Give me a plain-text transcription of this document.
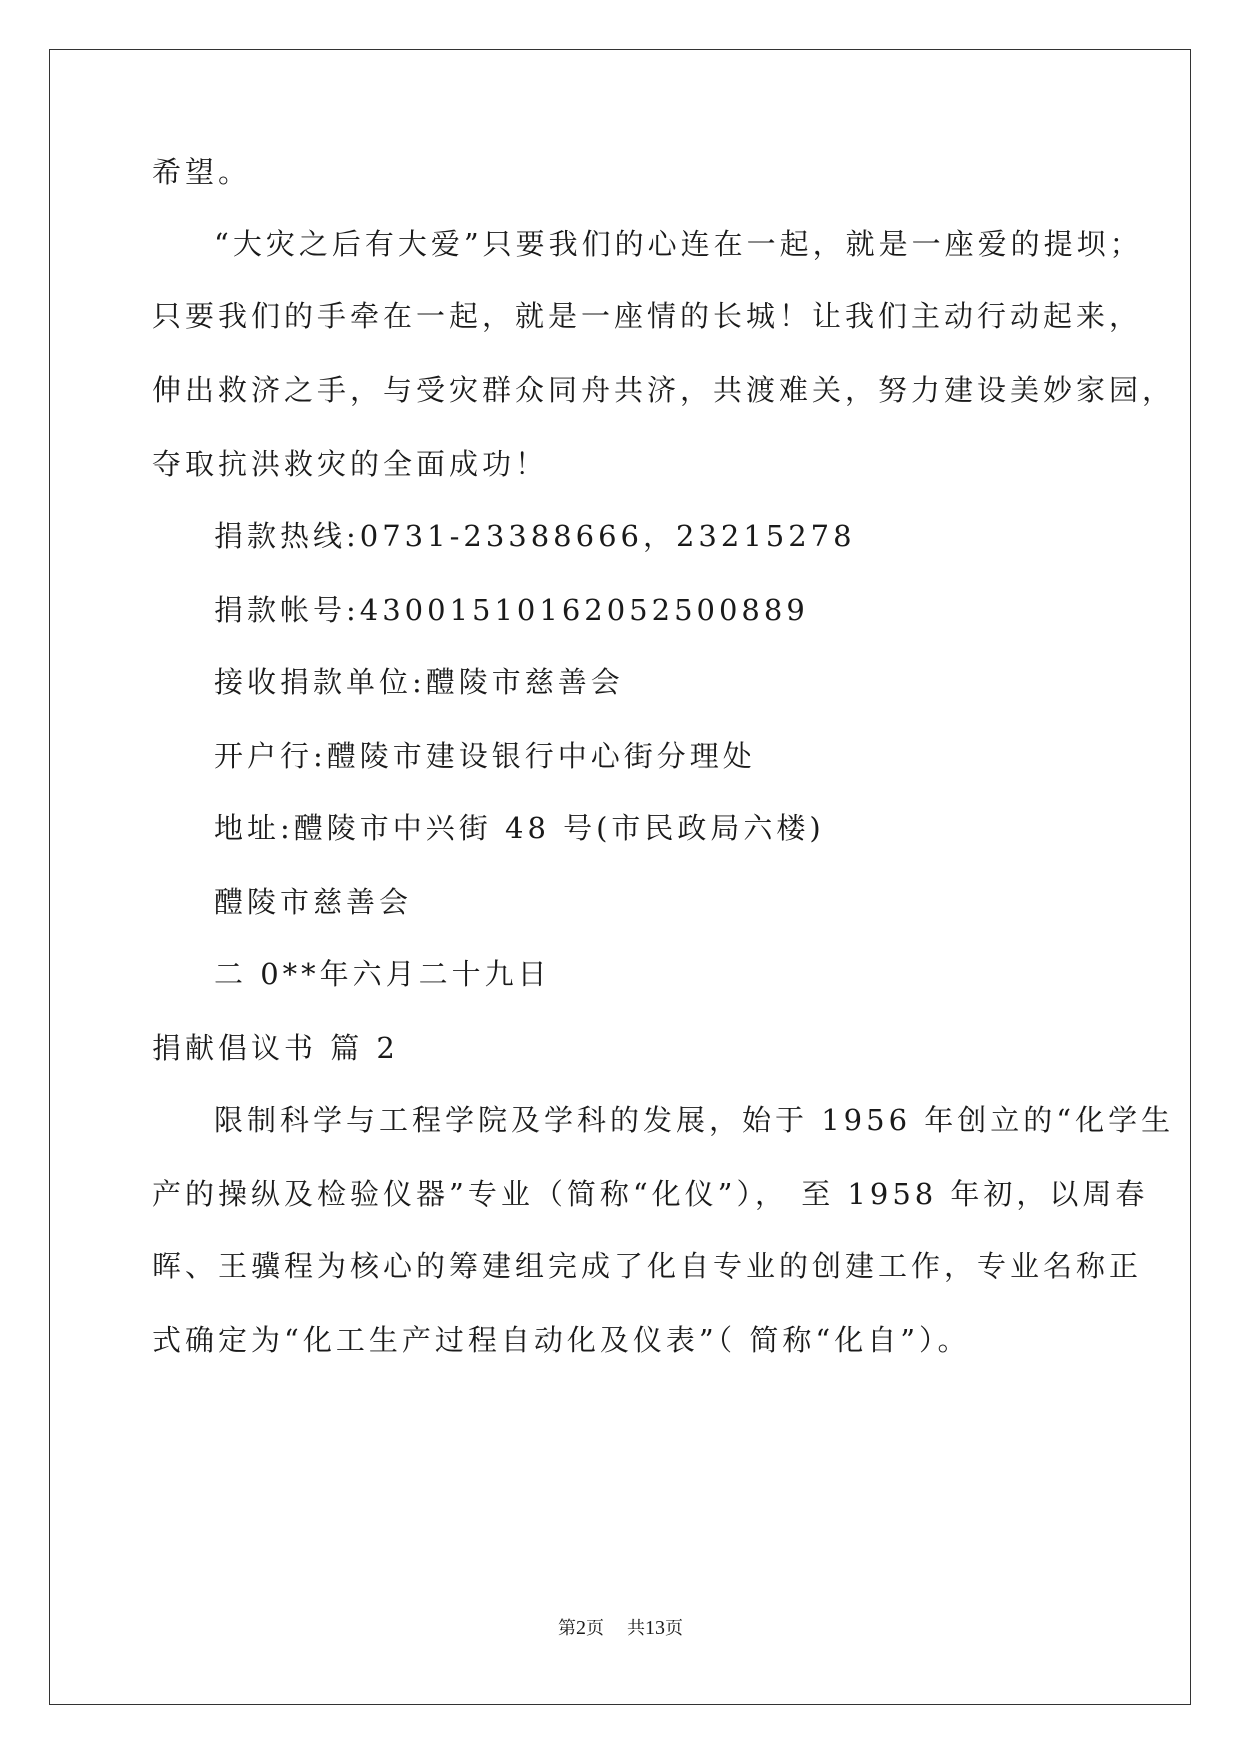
希望。
“大灾之后有大爱”只要我们的心连在一起，就是一座爱的提坝；
只要我们的手牵在一起，就是一座情的长城！让我们主动行动起来，
伸出救济之手，与受灾群众同舟共济，共渡难关，努力建设美妙家园，
夺取抗洪救灾的全面成功！
捐款热线:0731-23388666，23215278
捐款帐号:43001510162052500889
接收捐款单位:醴陵市慈善会
开户行:醴陵市建设银行中心街分理处
地址:醴陵市中兴街 48 号(市民政局六楼)
醴陵市慈善会
二 0**年六月二十九日
捐献倡议书 篇 2
限制科学与工程学院及学科的发展，始于 1956 年创立的“化学生
产的操纵及检验仪器”专业（简称“化仪”）， 至 1958 年初，以周春
晖、王骥程为核心的筹建组完成了化自专业的创建工作，专业名称正
式确定为“化工生产过程自动化及仪表”（ 简称“化自”）。
第2页 共13页
